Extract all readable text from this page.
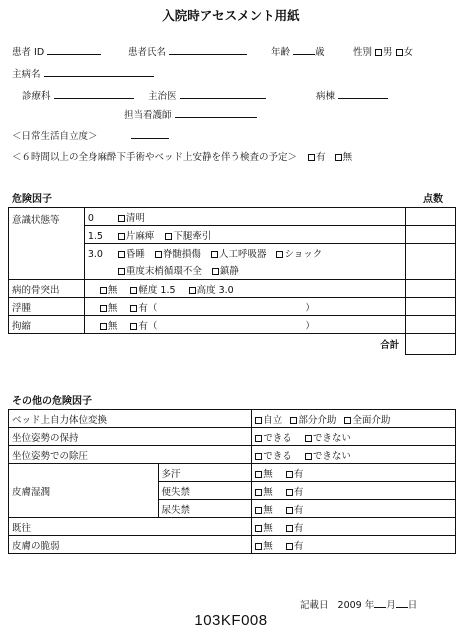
入院時アセスメント用紙
患者 ID	患者氏名	年齢	歳	性別 男 女
主病名
診療科	主治医	病棟
担当看護師
＜日常生活自立度＞
＜６時間以上の全身麻酔下手術やベッド上安静を伴う検査の予定＞ 有 無
危険因子	点数
意識状態等	0 清明	
	1.5 片麻痺 下腿牽引	
	3.0 昏睡 脊髄損傷 人工呼吸器 ショック	
	重度末梢循環不全 鎮静	
病的骨突出	無 軽度 1.5 高度 3.0	
浮腫	無 有（ ）	
拘縮	無 有（ ）	
	合計	
その他の危険因子
ベッド上自力体位変換		自立 部分介助 全面介助
坐位姿勢の保持		できる できない
坐位姿勢での除圧		できる できない
皮膚湿潤	多汗	無 有
	便失禁	無 有
	尿失禁	無 有
既往		無 有
皮膚の脆弱		無 有
記載日 2009 年 月 日
103KF008
